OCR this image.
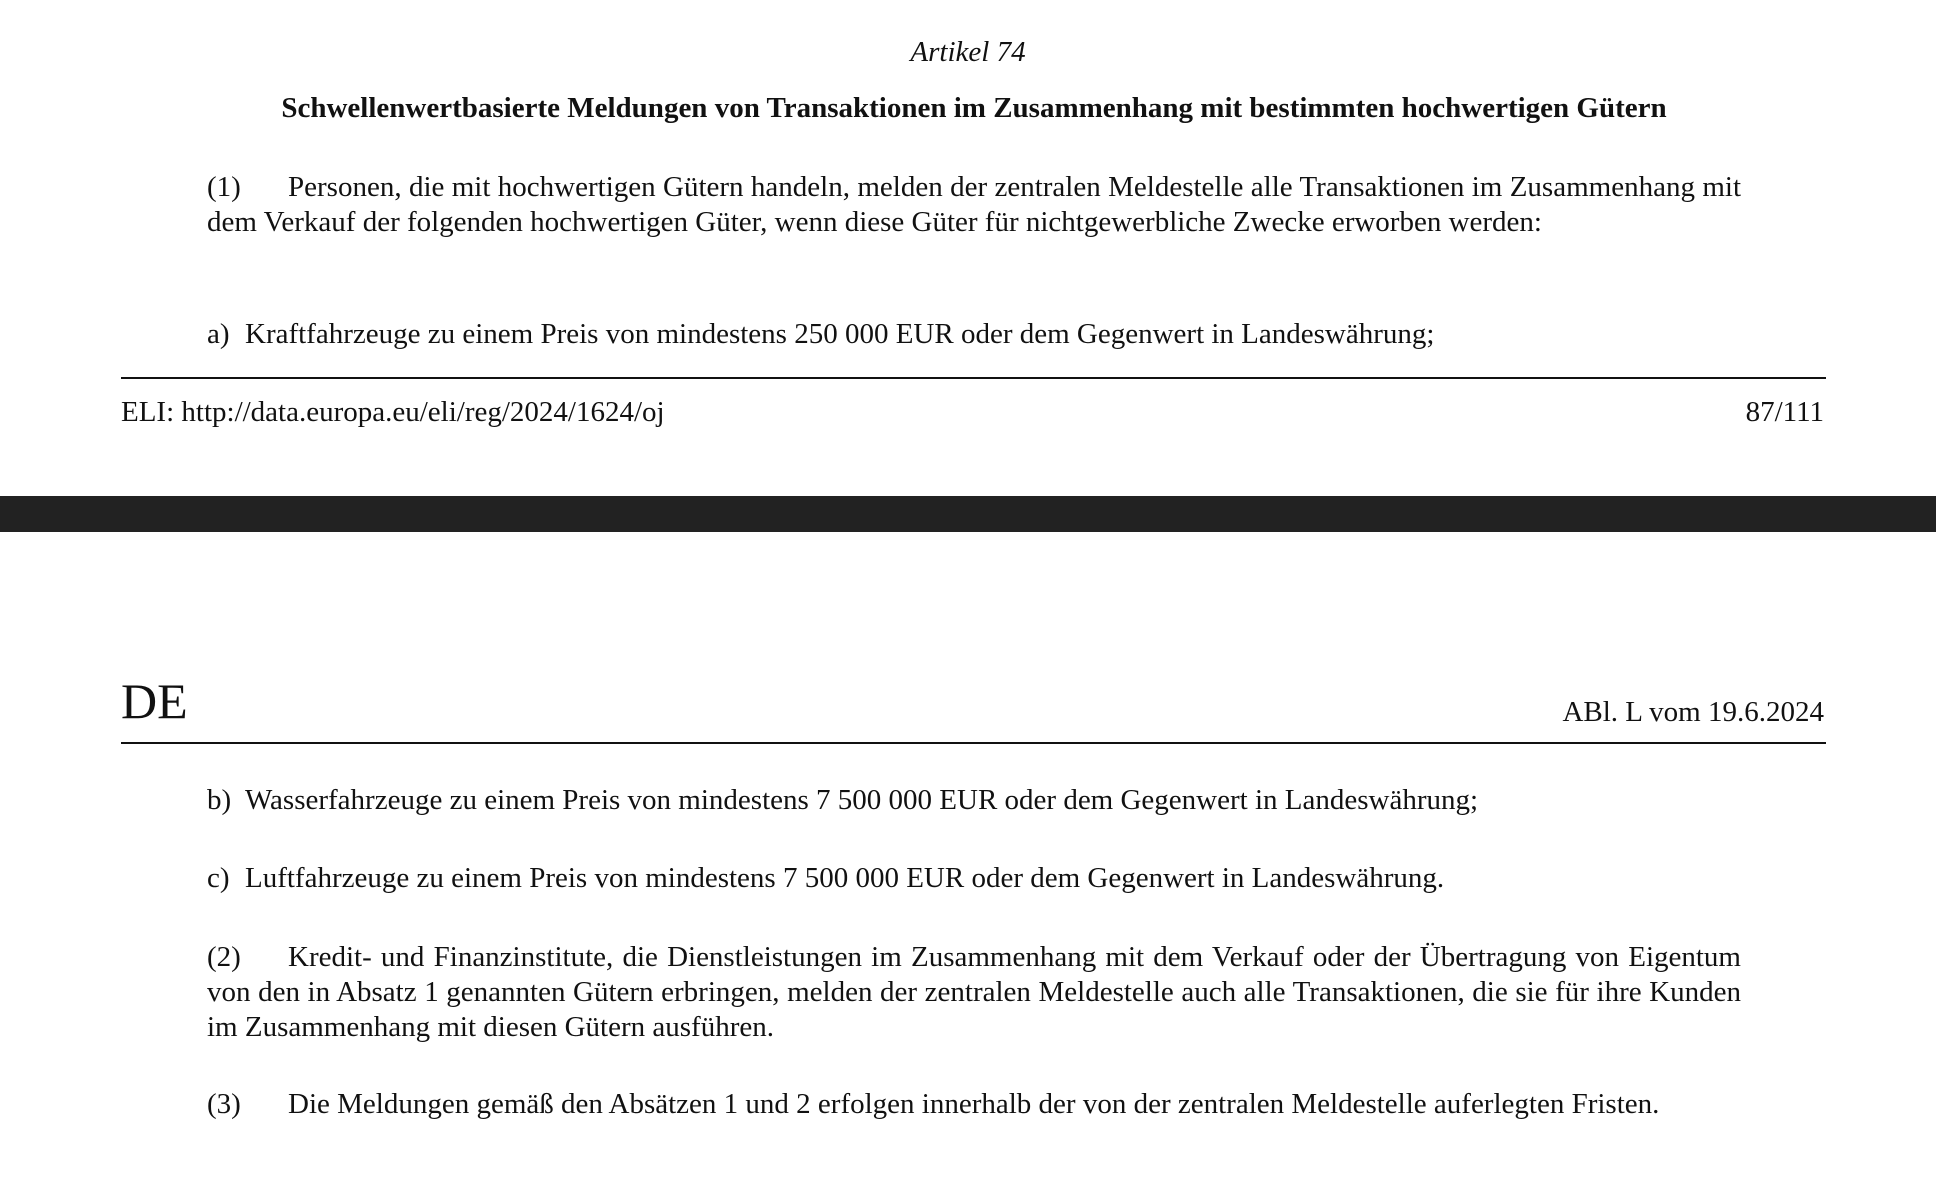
Artikel 74
Schwellenwertbasierte Meldungen von Transaktionen im Zusammenhang mit bestimmten hochwertigen Gütern
(1) Personen, die mit hochwertigen Gütern handeln, melden der zentralen Meldestelle alle Transaktionen im Zusammenhang mit dem Verkauf der folgenden hochwertigen Güter, wenn diese Güter für nichtgewerbliche Zwecke erworben werden:
a) Kraftfahrzeuge zu einem Preis von mindestens 250 000 EUR oder dem Gegenwert in Landeswährung;
ELI: http://data.europa.eu/eli/reg/2024/1624/oj	87/111
DE	ABl. L vom 19.6.2024
b) Wasserfahrzeuge zu einem Preis von mindestens 7 500 000 EUR oder dem Gegenwert in Landeswährung;
c) Luftfahrzeuge zu einem Preis von mindestens 7 500 000 EUR oder dem Gegenwert in Landeswährung.
(2) Kredit- und Finanzinstitute, die Dienstleistungen im Zusammenhang mit dem Verkauf oder der Übertragung von Eigentum von den in Absatz 1 genannten Gütern erbringen, melden der zentralen Meldestelle auch alle Transaktionen, die sie für ihre Kunden im Zusammenhang mit diesen Gütern ausführen.
(3) Die Meldungen gemäß den Absätzen 1 und 2 erfolgen innerhalb der von der zentralen Meldestelle auferlegten Fristen.
